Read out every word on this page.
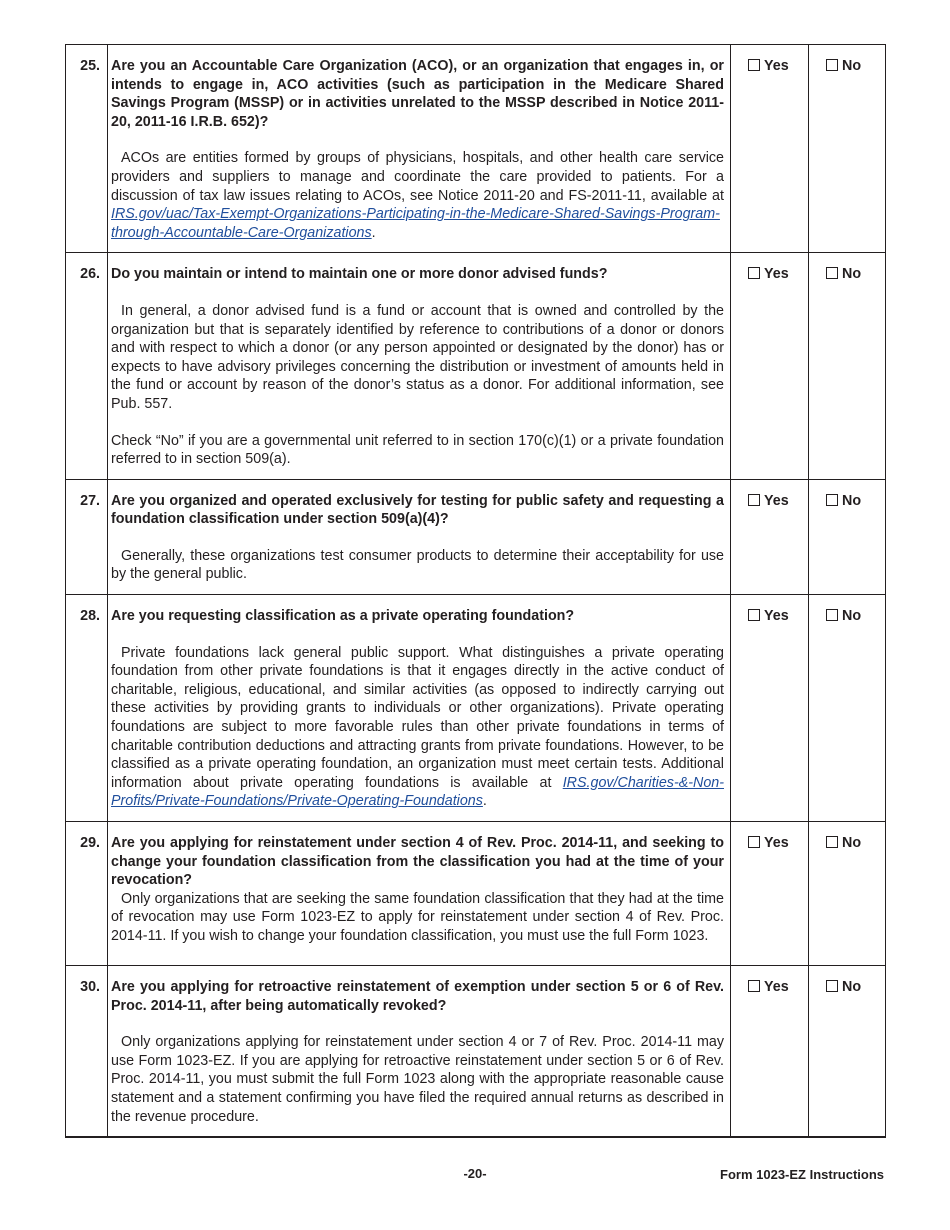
25.	Are you an Accountable Care Organization (ACO), or an organization that engages in, or intends to engage in, ACO activities (such as participation in the Medicare Shared Savings Program (MSSP) or in activities unrelated to the MSSP described in Notice 2011-20, 2011-16 I.R.B. 652)?

ACOs are entities formed by groups of physicians, hospitals, and other health care service providers and suppliers to manage and coordinate the care provided to patients. For a discussion of tax law issues relating to ACOs, see Notice 2011-20 and FS-2011-11, available at IRS.gov/uac/Tax-Exempt-Organizations-Participating-in-the-Medicare-Shared-Savings-Program-through-Accountable-Care-Organizations.	Yes	No
26.	Do you maintain or intend to maintain one or more donor advised funds?

In general, a donor advised fund is a fund or account that is owned and controlled by the organization but that is separately identified by reference to contributions of a donor or donors and with respect to which a donor (or any person appointed or designated by the donor) has or expects to have advisory privileges concerning the distribution or investment of amounts held in the fund or account by reason of the donor’s status as a donor. For additional information, see Pub. 557.

Check “No” if you are a governmental unit referred to in section 170(c)(1) or a private foundation referred to in section 509(a).	Yes	No
27.	Are you organized and operated exclusively for testing for public safety and requesting a foundation classification under section 509(a)(4)?

Generally, these organizations test consumer products to determine their acceptability for use by the general public.	Yes	No
28.	Are you requesting classification as a private operating foundation?

Private foundations lack general public support. What distinguishes a private operating foundation from other private foundations is that it engages directly in the active conduct of charitable, religious, educational, and similar activities (as opposed to indirectly carrying out these activities by providing grants to individuals or other organizations). Private operating foundations are subject to more favorable rules than other private foundations in terms of charitable contribution deductions and attracting grants from private foundations. However, to be classified as a private operating foundation, an organization must meet certain tests. Additional information about private operating foundations is available at IRS.gov/Charities-&-Non-Profits/Private-Foundations/Private-Operating-Foundations.	Yes	No
29.	Are you applying for reinstatement under section 4 of Rev. Proc. 2014-11, and seeking to change your foundation classification from the classification you had at the time of your revocation?

Only organizations that are seeking the same foundation classification that they had at the time of revocation may use Form 1023-EZ to apply for reinstatement under section 4 of Rev. Proc. 2014-11. If you wish to change your foundation classification, you must use the full Form 1023.	Yes	No
30.	Are you applying for retroactive reinstatement of exemption under section 5 or 6 of Rev. Proc. 2014-11, after being automatically revoked?

Only organizations applying for reinstatement under section 4 or 7 of Rev. Proc. 2014-11 may use Form 1023-EZ. If you are applying for retroactive reinstatement under section 5 or 6 of Rev. Proc. 2014-11, you must submit the full Form 1023 along with the appropriate reasonable cause statement and a statement confirming you have filed the required annual returns as described in the revenue procedure.	Yes	No
-20-	Form 1023-EZ Instructions
